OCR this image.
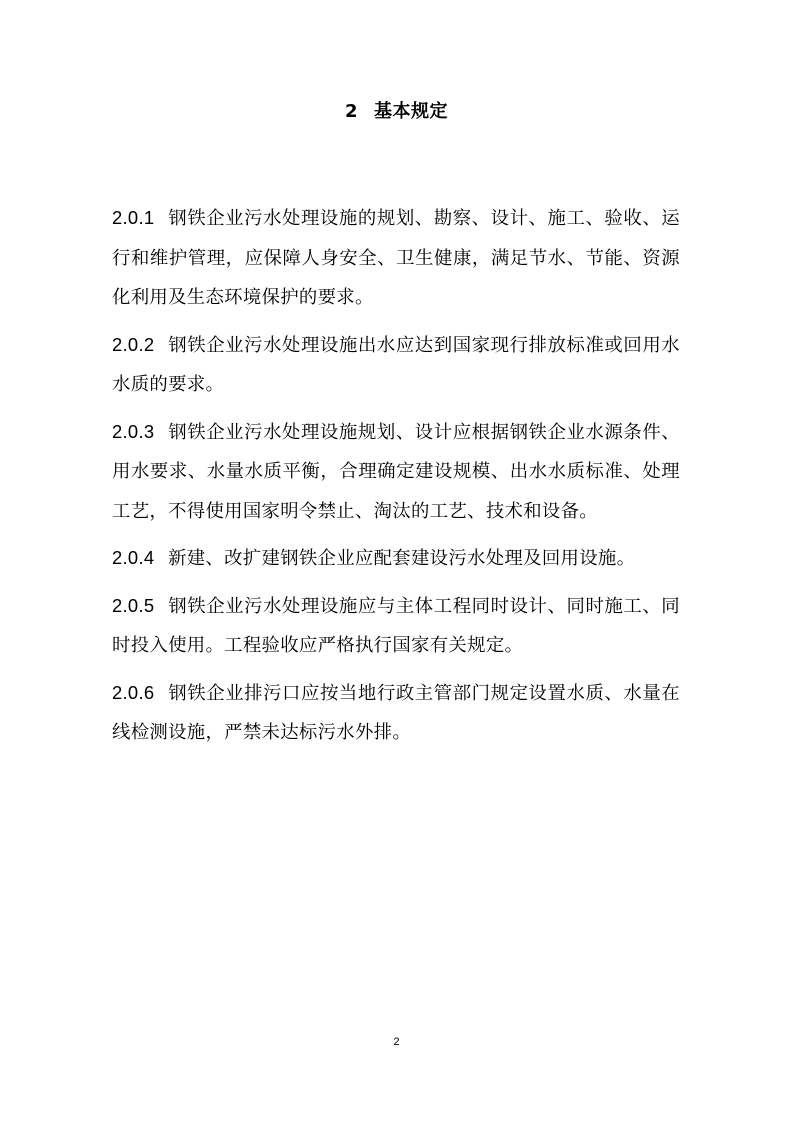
2 基本规定

2.0.1 钢铁企业污水处理设施的规划、勘察、设计、施工、验收、运行和维护管理，应保障人身安全、卫生健康，满足节水、节能、资源化利用及生态环境保护的要求。

2.0.2 钢铁企业污水处理设施出水应达到国家现行排放标准或回用水水质的要求。

2.0.3 钢铁企业污水处理设施规划、设计应根据钢铁企业水源条件、用水要求、水量水质平衡，合理确定建设规模、出水水质标准、处理工艺，不得使用国家明令禁止、淘汰的工艺、技术和设备。

2.0.4 新建、改扩建钢铁企业应配套建设污水处理及回用设施。

2.0.5 钢铁企业污水处理设施应与主体工程同时设计、同时施工、同时投入使用。工程验收应严格执行国家有关规定。

2.0.6 钢铁企业排污口应按当地行政主管部门规定设置水质、水量在线检测设施，严禁未达标污水外排。

2
